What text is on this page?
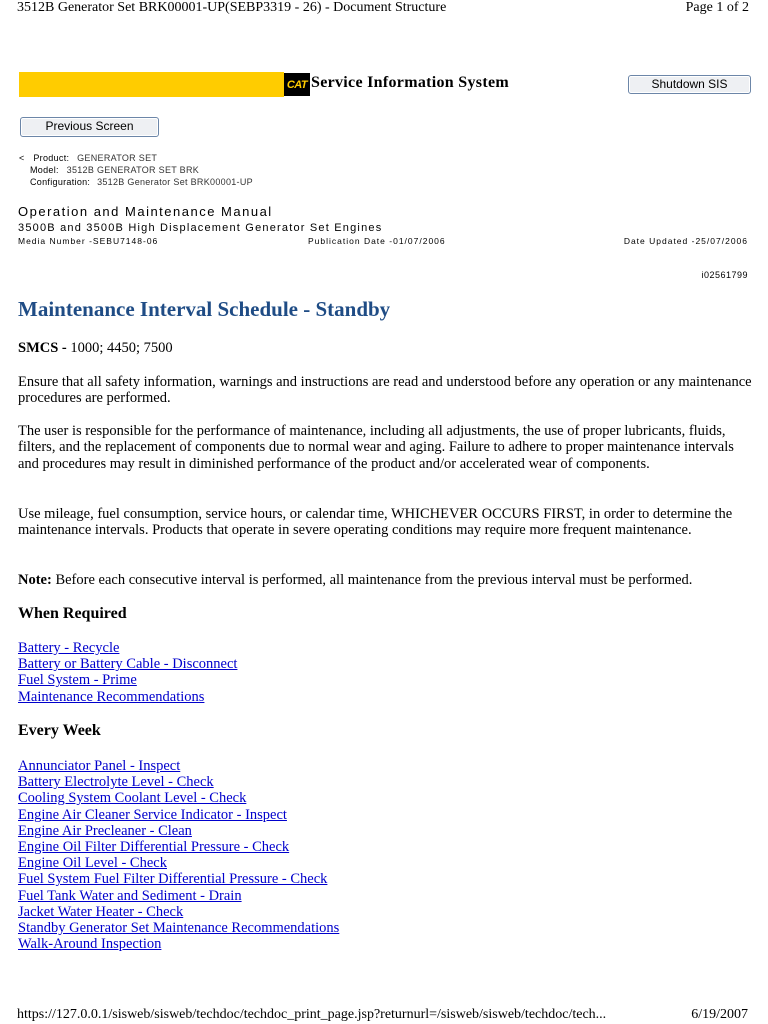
3512B Generator Set BRK00001-UP(SEBP3319 - 26) - Document Structure	Page 1 of 2
CAT Service Information System	Shutdown SIS
Previous Screen
< Product: GENERATOR SET
Model: 3512B GENERATOR SET BRK
Configuration: 3512B Generator Set BRK00001-UP
Operation and Maintenance Manual
3500B and 3500B High Displacement Generator Set Engines
Media Number -SEBU7148-06	Publication Date -01/07/2006	Date Updated -25/07/2006
i02561799
Maintenance Interval Schedule - Standby
SMCS - 1000; 4450; 7500
Ensure that all safety information, warnings and instructions are read and understood before any operation or any maintenance procedures are performed.
The user is responsible for the performance of maintenance, including all adjustments, the use of proper lubricants, fluids, filters, and the replacement of components due to normal wear and aging. Failure to adhere to proper maintenance intervals and procedures may result in diminished performance of the product and/or accelerated wear of components.
Use mileage, fuel consumption, service hours, or calendar time, WHICHEVER OCCURS FIRST, in order to determine the maintenance intervals. Products that operate in severe operating conditions may require more frequent maintenance.
Note: Before each consecutive interval is performed, all maintenance from the previous interval must be performed.
When Required
Battery - Recycle
Battery or Battery Cable - Disconnect
Fuel System - Prime
Maintenance Recommendations
Every Week
Annunciator Panel - Inspect
Battery Electrolyte Level - Check
Cooling System Coolant Level - Check
Engine Air Cleaner Service Indicator - Inspect
Engine Air Precleaner - Clean
Engine Oil Filter Differential Pressure - Check
Engine Oil Level - Check
Fuel System Fuel Filter Differential Pressure - Check
Fuel Tank Water and Sediment - Drain
Jacket Water Heater - Check
Standby Generator Set Maintenance Recommendations
Walk-Around Inspection
https://127.0.0.1/sisweb/sisweb/techdoc/techdoc_print_page.jsp?returnurl=/sisweb/sisweb/techdoc/tech...	6/19/2007
